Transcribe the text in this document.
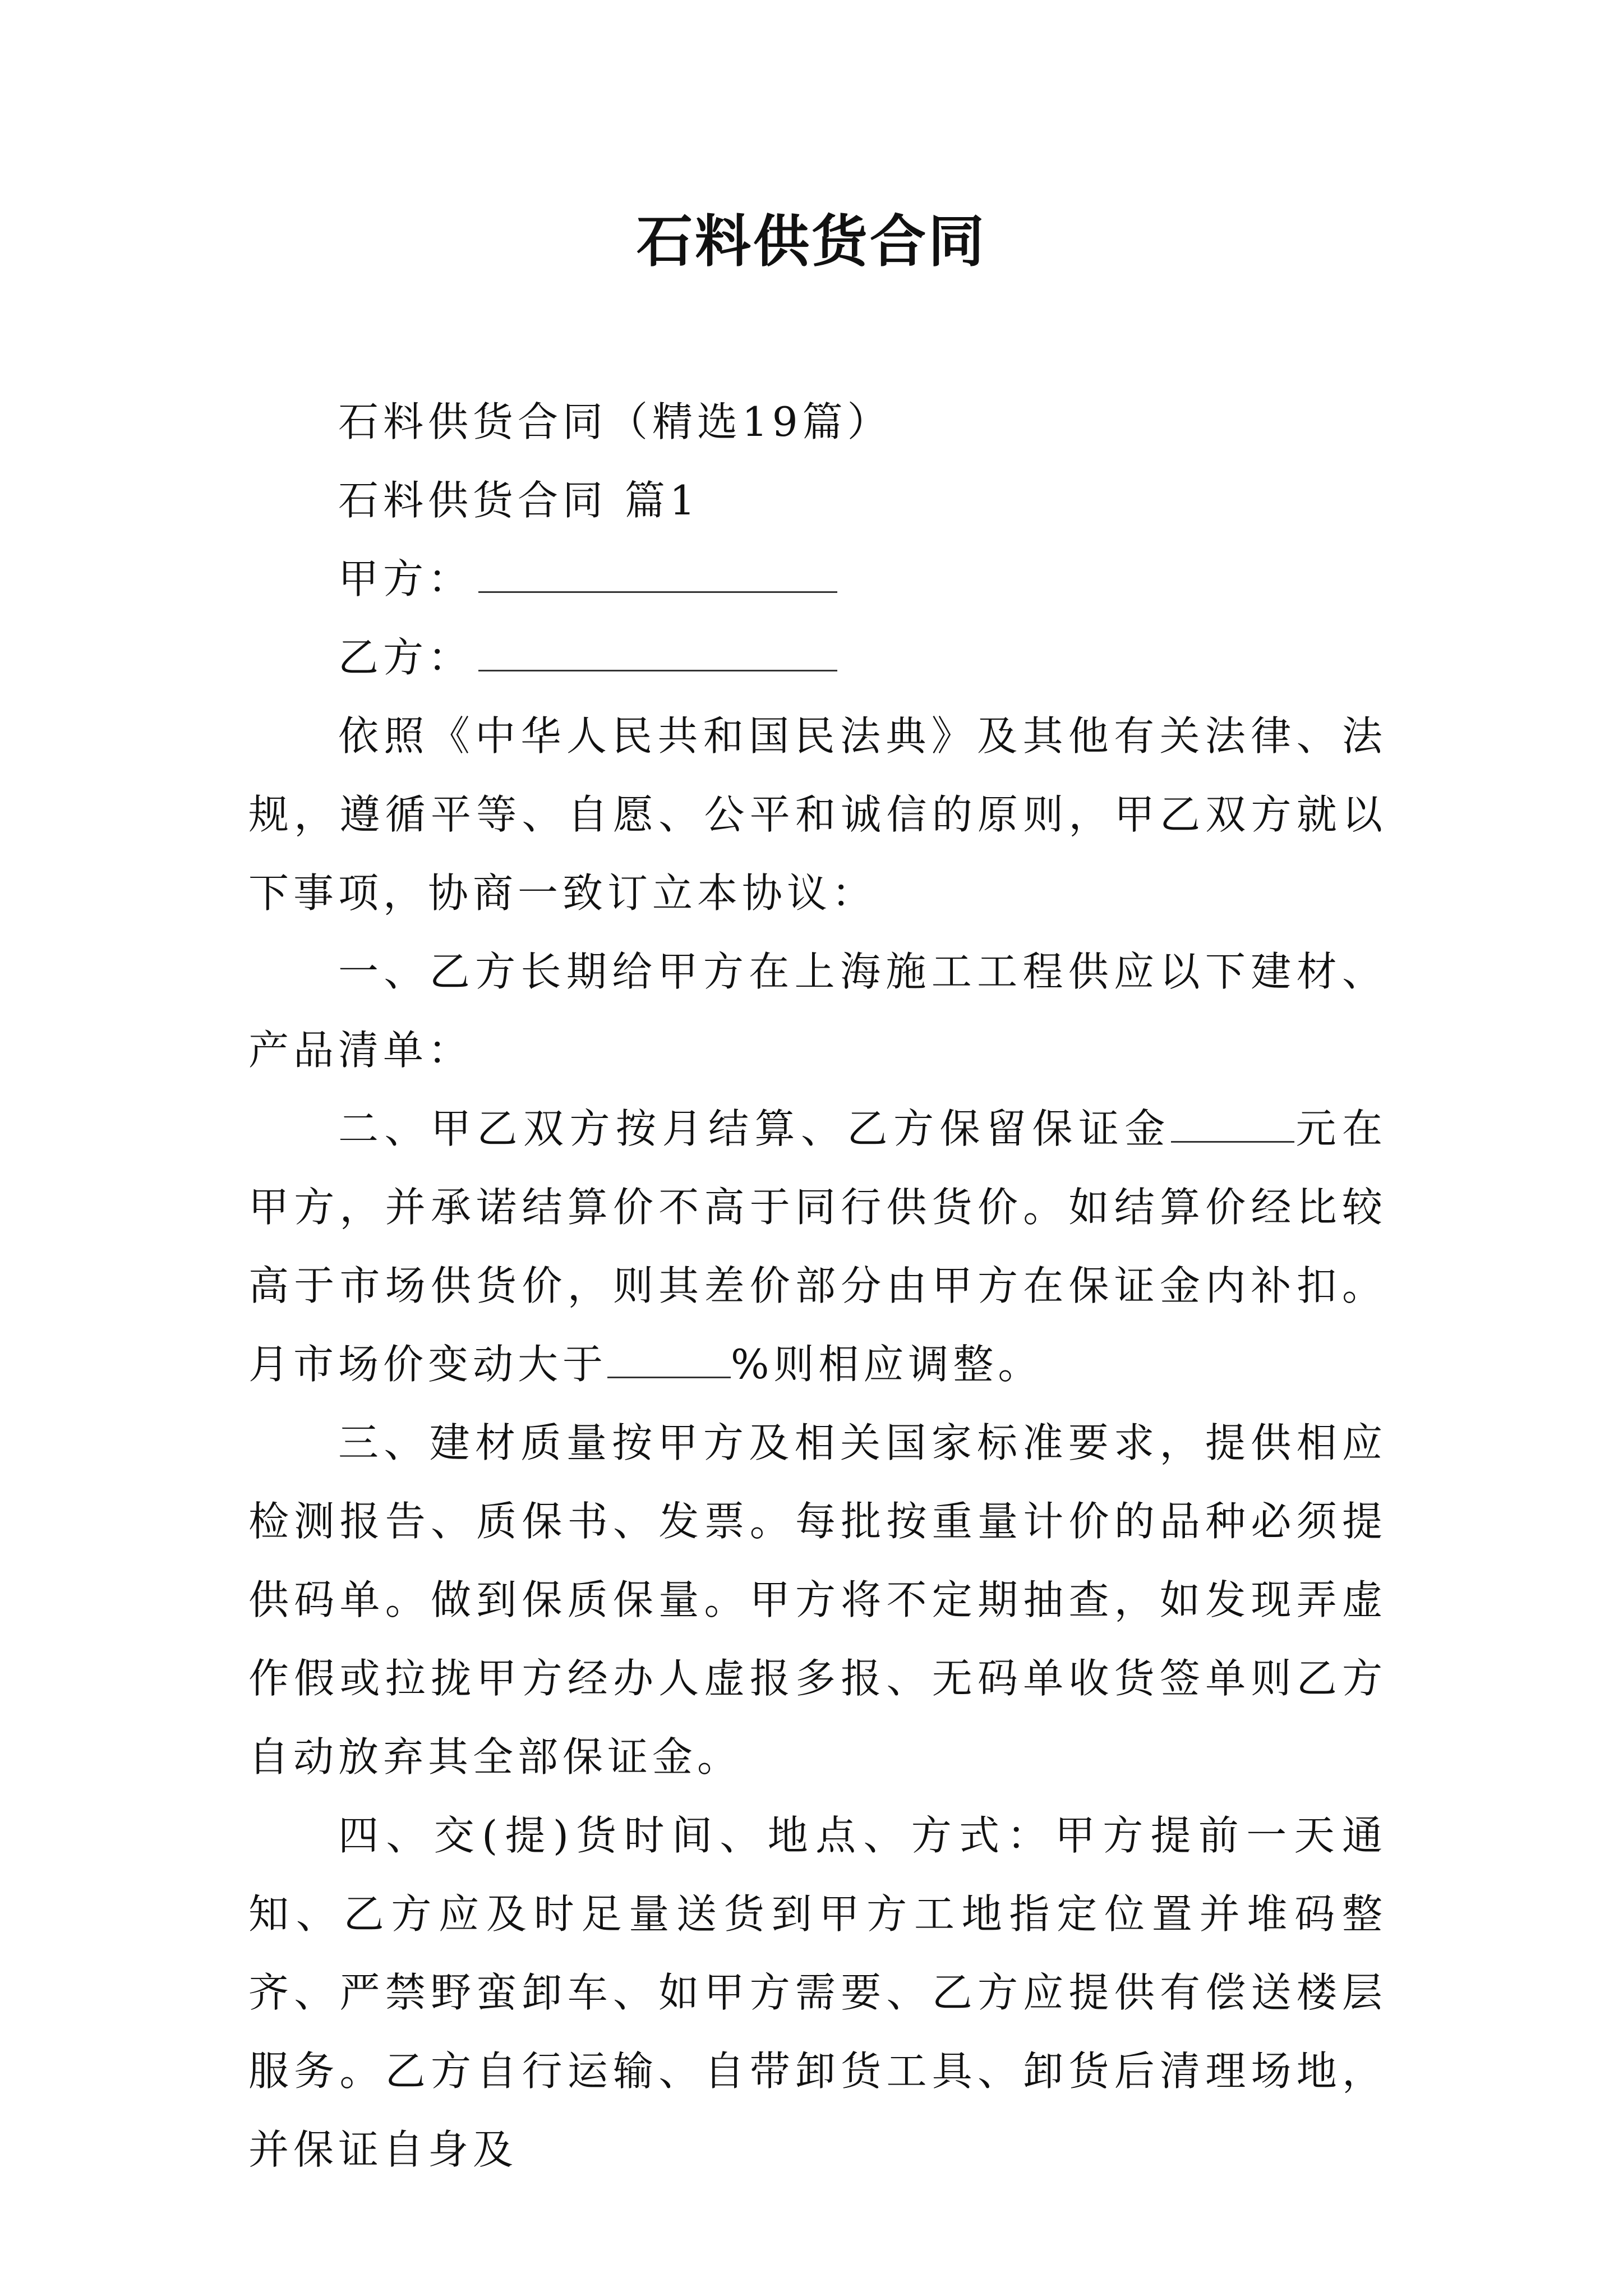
石料供货合同

石料供货合同（精选19篇）

石料供货合同 篇1

甲方：

乙方：

依照《中华人民共和国民法典》及其他有关法律、法规，遵循平等、自愿、公平和诚信的原则，甲乙双方就以下事项，协商一致订立本协议：

一、乙方长期给甲方在上海施工工程供应以下建材、产品清单：

二、甲乙双方按月结算、乙方保留保证金	元在甲方，并承诺结算价不高于同行供货价。如结算价经比较高于市场供货价，则其差价部分由甲方在保证金内补扣。月市场价变动大于	%则相应调整。

三、建材质量按甲方及相关国家标准要求，提供相应检测报告、质保书、发票。每批按重量计价的品种必须提供码单。做到保质保量。甲方将不定期抽查，如发现弄虚作假或拉拢甲方经办人虚报多报、无码单收货签单则乙方自动放弃其全部保证金。

四、交(提)货时间、地点、方式：甲方提前一天通知、乙方应及时足量送货到甲方工地指定位置并堆码整齐、严禁野蛮卸车、如甲方需要、乙方应提供有偿送楼层服务。乙方自行运输、自带卸货工具、卸货后清理场地，并保证自身及
